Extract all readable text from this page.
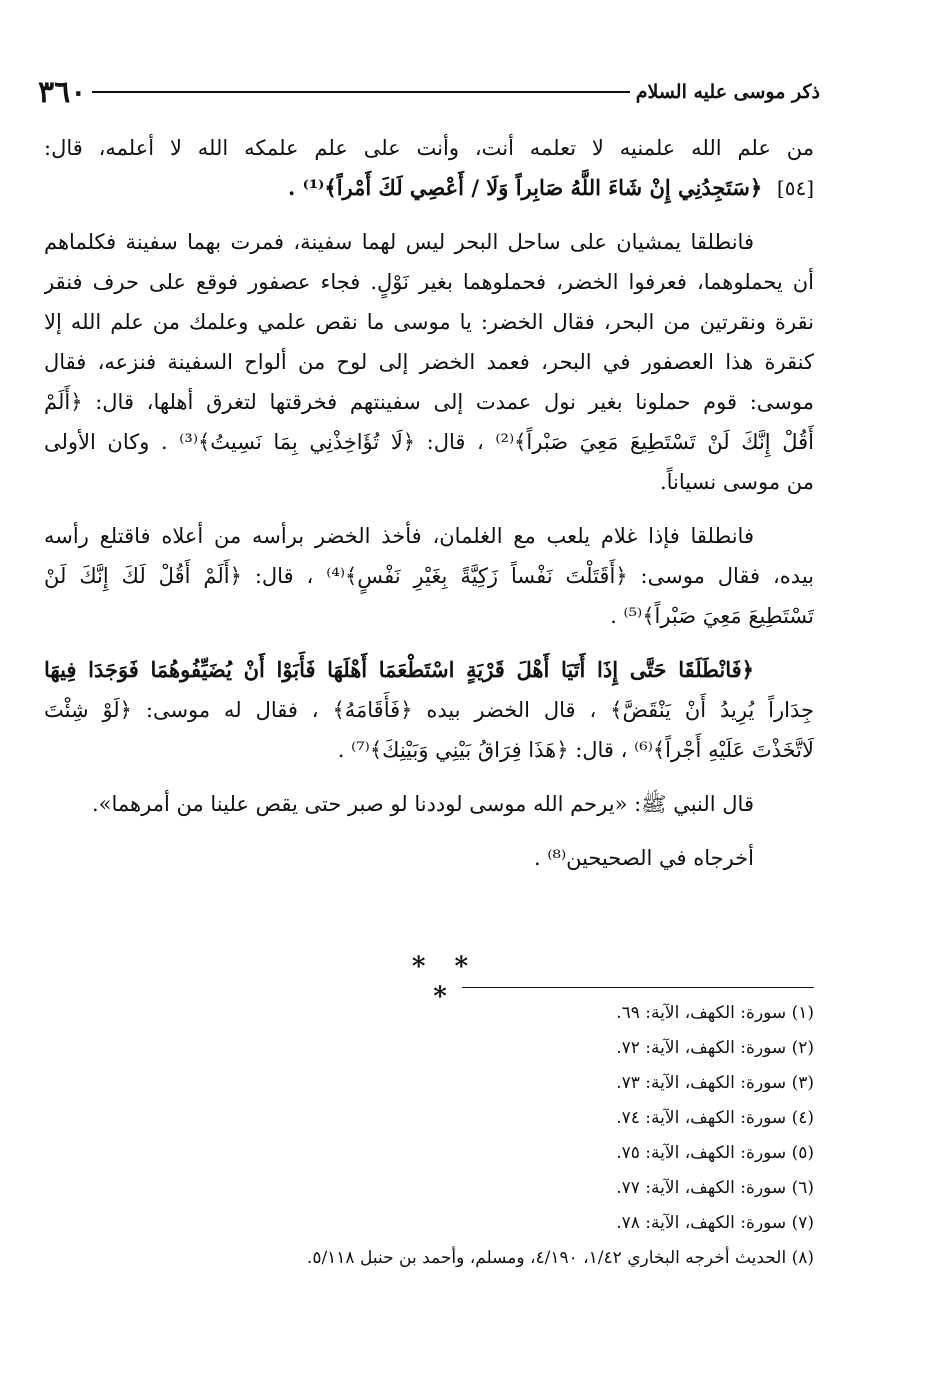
ذكر موسى عليه السلام
٣٦٠
من علم الله علمنيه لا تعلمه أنت، وأنت على علم علمكه الله لا أعلمه، قال:
[٥٤] ﴿سَتَجِدُنِي إِنْ شَاءَ اللَّهُ صَابِراً وَلَا / أَعْصِي لَكَ أَمْراً﴾⁽¹⁾ .
فانطلقا يمشيان على ساحل البحر ليس لهما سفينة، فمرت بهما سفينة فكلماهم
أن يحملوهما، فعرفوا الخضر، فحملوهما بغير نَوْلٍ. فجاء عصفور فوقع على حرف فنقر
نقرة ونقرتين من البحر، فقال الخضر: يا موسى ما نقص علمي وعلمك من علم الله إلا
كنقرة هذا العصفور في البحر، فعمد الخضر إلى لوح من ألواح السفينة فنزعه، فقال
موسى: قوم حملونا بغير نول عمدت إلى سفينتهم فخرقتها لتغرق أهلها، قال: ﴿أَلَمْ
أَقُلْ إِنَّكَ لَنْ تَسْتَطِيعَ مَعِيَ صَبْراً﴾⁽²⁾ ، قال: ﴿لَا تُؤَاخِذْنِي بِمَا نَسِيتُ﴾⁽³⁾ . وكان الأولى
من موسى نسياناً.
فانطلقا فإذا غلام يلعب مع الغلمان، فأخذ الخضر برأسه من أعلاه فاقتلع رأسه
بيده، فقال موسى: ﴿أَقَتَلْتَ نَفْساً زَكِيَّةً بِغَيْرِ نَفْسٍ﴾⁽⁴⁾ ، قال: ﴿أَلَمْ أَقُلْ لَكَ إِنَّكَ لَنْ
تَسْتَطِيعَ مَعِيَ صَبْراً﴾⁽⁵⁾ .
﴿فَانْطَلَقَا حَتَّى إِذَا أَتَيَا أَهْلَ قَرْيَةٍ اسْتَطْعَمَا أَهْلَهَا فَأَبَوْا أَنْ يُضَيِّفُوهُمَا فَوَجَدَا فِيهَا
جِدَاراً يُرِيدُ أَنْ يَنْقَضَّ﴾ ، قال الخضر بيده ﴿فَأَقَامَهُ﴾ ، فقال له موسى: ﴿لَوْ شِئْتَ
لَاتَّخَذْتَ عَلَيْهِ أَجْراً﴾⁽⁶⁾ ، قال: ﴿هَذَا فِرَاقُ بَيْنِي وَبَيْنِكَ﴾⁽⁷⁾ .
قال النبي ﷺ: «يرحم الله موسى لوددنا لو صبر حتى يقص علينا من أمرهما».
أخرجاه في الصحيحين⁽⁸⁾ .
* * *
(١) سورة: الكهف، الآية: ٦٩.
(٢) سورة: الكهف، الآية: ٧٢.
(٣) سورة: الكهف، الآية: ٧٣.
(٤) سورة: الكهف، الآية: ٧٤.
(٥) سورة: الكهف، الآية: ٧٥.
(٦) سورة: الكهف، الآية: ٧٧.
(٧) سورة: الكهف، الآية: ٧٨.
(٨) الحديث أخرجه البخاري ١/٤٢، ٤/١٩٠، ومسلم، وأحمد بن حنبل ٥/١١٨.
